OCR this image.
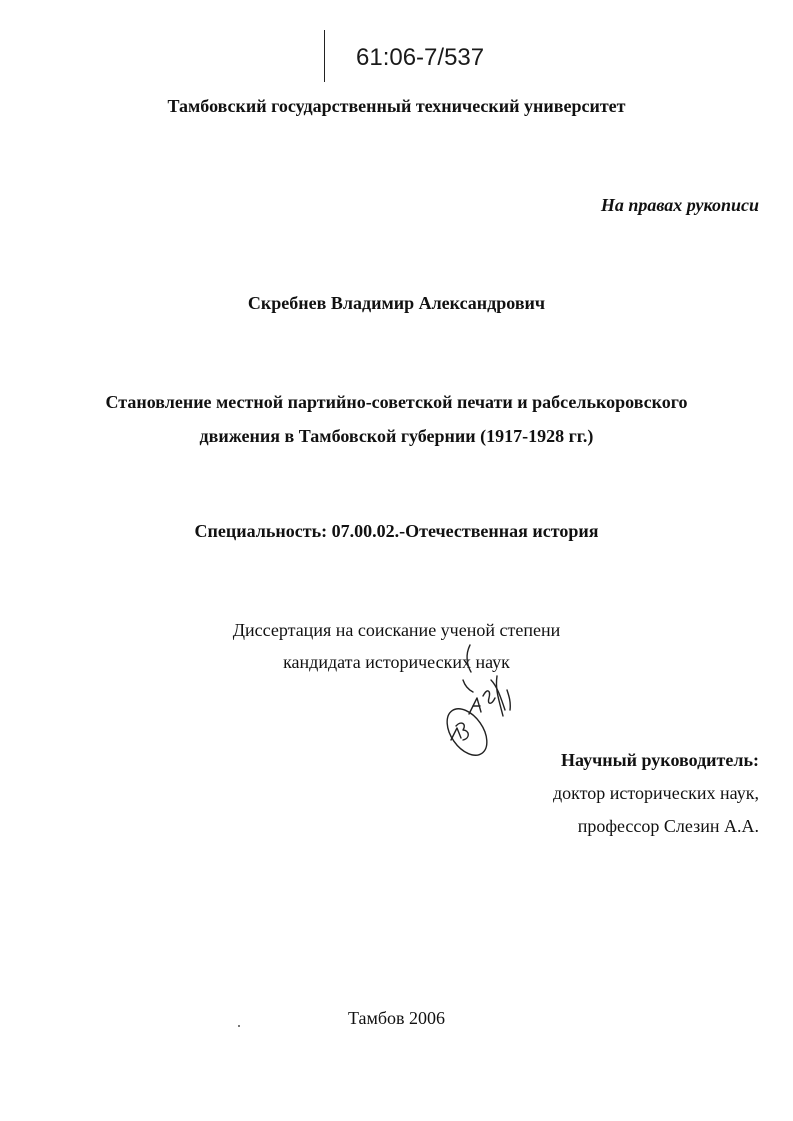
61:06-7/537
Тамбовский государственный технический университет
На правах рукописи
Скребнев Владимир Александрович
Становление местной партийно-советской печати и рабселькоровского
движения в Тамбовской губернии (1917-1928 гг.)
Специальность: 07.00.02.-Отечественная история
Диссертация на соискание ученой степени
кандидата исторических наук
Научный руководитель:
доктор исторических наук,
профессор Слезин А.А.
Тамбов 2006
